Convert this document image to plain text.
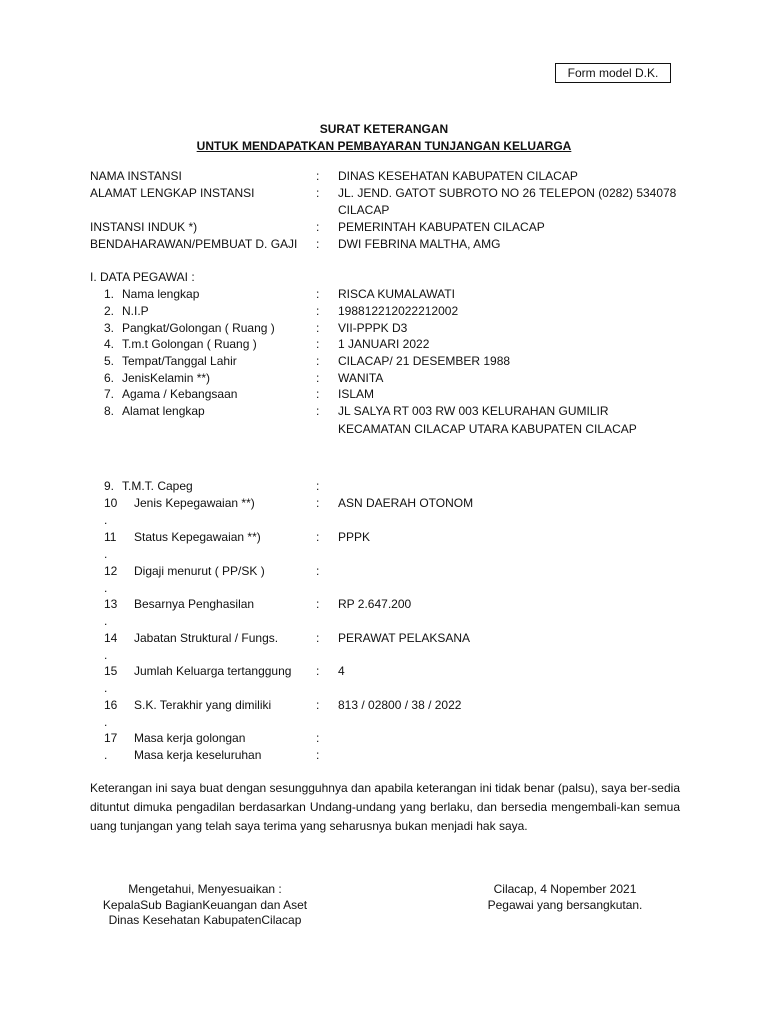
Form model D.K.
SURAT KETERANGAN
UNTUK MENDAPATKAN PEMBAYARAN TUNJANGAN KELUARGA
NAMA INSTANSI	: DINAS KESEHATAN KABUPATEN CILACAP
ALAMAT LENGKAP INSTANSI	: JL. JEND. GATOT SUBROTO NO 26 TELEPON (0282) 534078
CILACAP
INSTANSI INDUK *)	: PEMERINTAH KABUPATEN CILACAP
BENDAHARAWAN/PEMBUAT D. GAJI : DWI FEBRINA MALTHA, AMG
I. DATA PEGAWAI :
1. Nama lengkap	: RISCA KUMALAWATI
2. N.I.P	: 198812212022212002
3. Pangkat/Golongan ( Ruang )	: VII-PPPK D3
4. T.m.t Golongan ( Ruang )	: 1 JANUARI 2022
5. Tempat/Tanggal Lahir	: CILACAP/ 21 DESEMBER 1988
6. JenisKelamin **)	: WANITA
7. Agama / Kebangsaan	: ISLAM
8. Alamat lengkap	: JL SALYA RT 003 RW 003 KELURAHAN GUMILIR
KECAMATAN CILACAP UTARA KABUPATEN CILACAP
9. T.M.T. Capeg	:
10 Jenis Kepegawaian **)	: ASN DAERAH OTONOM
.
11 Status Kepegawaian **)	: PPPK
.
12 Digaji menurut ( PP/SK )	:
.
13 Besarnya Penghasilan	: RP 2.647.200
.
14 Jabatan Struktural / Fungs.	: PERAWAT PELAKSANA
.
15 Jumlah Keluarga tertanggung : 4
.
16 S.K. Terakhir yang dimiliki	: 813 / 02800 / 38 / 2022
.
17 Masa kerja golongan	:
. Masa kerja keseluruhan	:
Keterangan ini saya buat dengan sesungguhnya dan apabila keterangan ini tidak benar (palsu), saya ber-sedia dituntut dimuka pengadilan berdasarkan Undang-undang yang berlaku, dan bersedia mengembali-kan semua uang tunjangan yang telah saya terima yang seharusnya bukan menjadi hak saya.
Mengetahui, Menyesuaikan :
KepalaSub BagianKeuangan dan Aset
Dinas Kesehatan KabupatenCilacap
Cilacap, 4 Nopember 2021
Pegawai yang bersangkutan.
